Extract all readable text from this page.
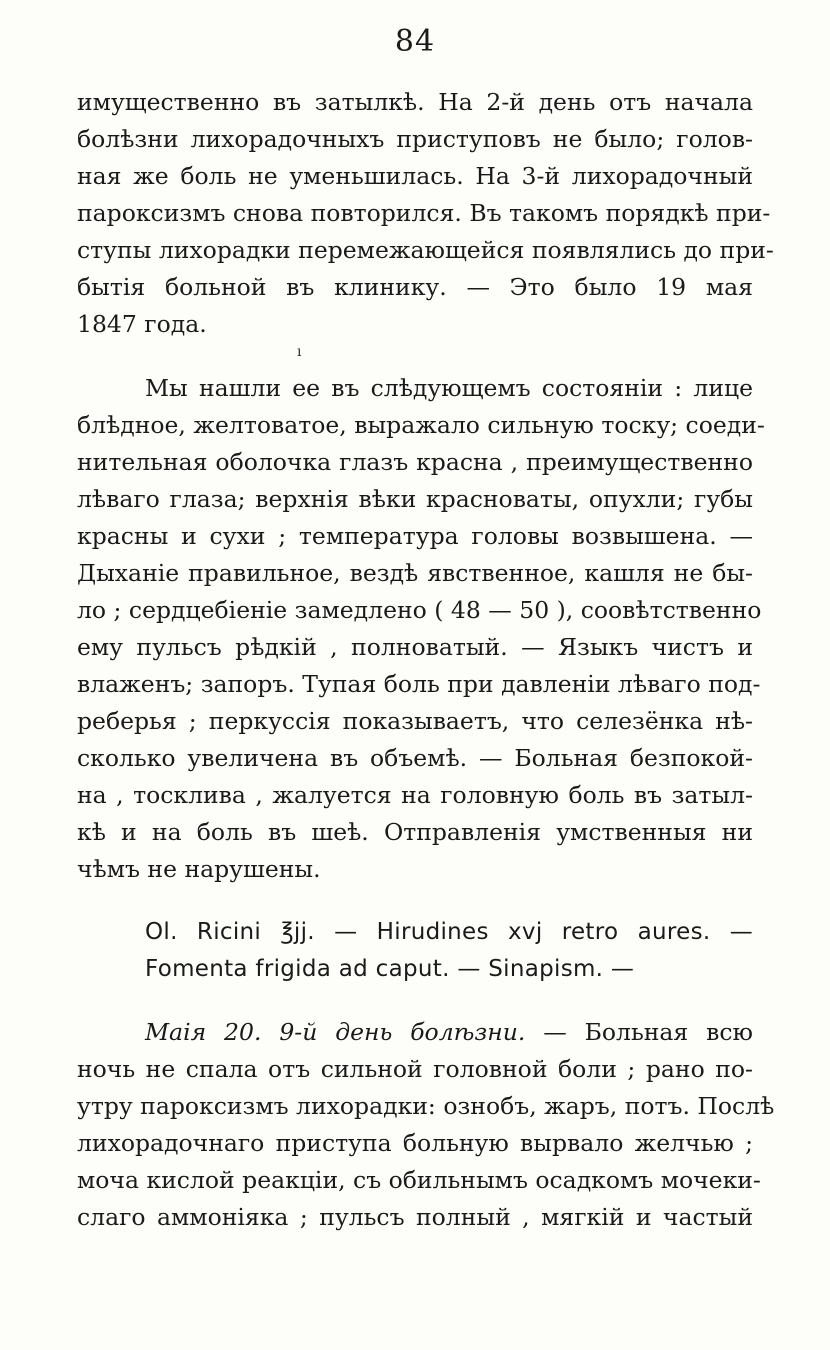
84
ı
имущественно въ затылкѣ. На 2-й день отъ начала
болѣзни лихорадочныхъ приступовъ не было; голов-
ная же боль не уменьшилась. На 3-й лихорадочный
пароксизмъ снова повторился. Въ такомъ порядкѣ при-
ступы лихорадки перемежающейся появлялись до при-
бытія больной въ клинику. — Это было 19 мая
1847 года.
Мы нашли ее въ слѣдующемъ состояніи : лице
блѣдное, желтоватое, выражало сильную тоску; соеди-
нительная оболочка глазъ красна , преимущественно
лѣваго глаза; верхнія вѣки красноваты, опухли; губы
красны и сухи ; температура головы возвышена. —
Дыханіе правильное, вездѣ явственное, кашля не бы-
ло ; сердцебіеніе замедлено ( 48 — 50 ), соовѣтственно
ему пульсъ рѣдкій , полноватый. — Языкъ чистъ и
влаженъ; запоръ. Тупая боль при давленіи лѣваго под-
реберья ; перкуссія показываетъ, что селезёнка нѣ-
сколько увеличена въ объемѣ. — Больная безпокой-
на , тосклива , жалуется на головную боль въ затыл-
кѣ и на боль въ шеѣ. Отправленія умственныя ни
чѣмъ не нарушены.
Ol. Ricini ℥jj. — Hirudines xvj retro aures. —
Fomenta frigida ad caput. — Sinapism. —
Маія 20. 9-й день болѣзни. — Больная всю
ночь не спала отъ сильной головной боли ; рано по-
утру пароксизмъ лихорадки: ознобъ, жаръ, потъ. Послѣ
лихорадочнаго приступа больную вырвало желчью ;
моча кислой реакціи, съ обильнымъ осадкомъ мочеки-
слаго аммоніяка ; пульсъ полный , мягкій и частый
